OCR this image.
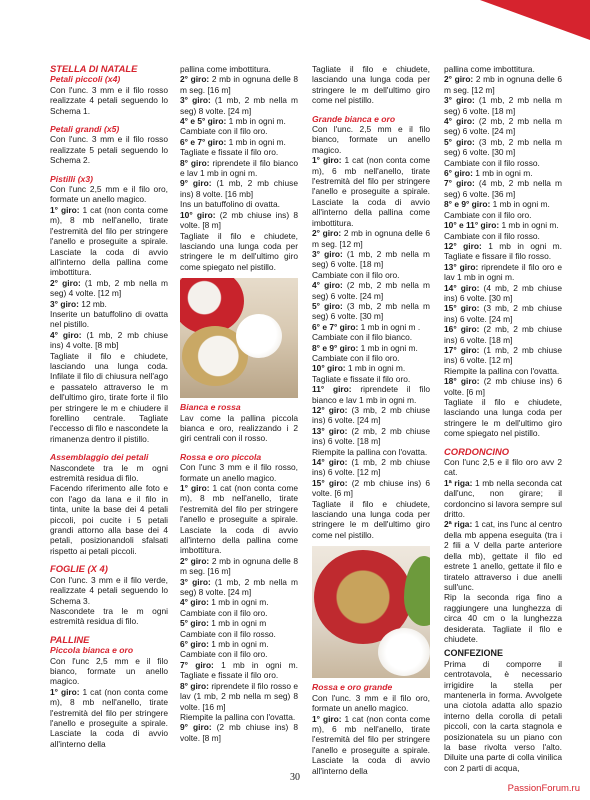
STELLA DI NATALE

Petali piccoli (x4)

Con l'unc. 3 mm e il filo rosso realizzate 4 petali seguendo lo Schema 1.

Petali grandi (x5)

Con l'unc. 3 mm e il filo rosso realizzate 5 petali seguendo lo Schema 2.

Pistilli (x3)

Con l'unc 2,5 mm e il filo oro, formate un anello magico.

1° giro: 1 cat (non conta come m), 8 mb nell'anello, tirate l'estremità del filo per stringere l'anello e proseguite a spirale. Lasciate la coda di avvio all'interno della pallina come imbottitura.

2° giro: (1 mb, 2 mb nella m seg) 4 volte. [12 m]

3° giro: 12 mb.

Inserite un batuffolino di ovatta nel pistillo.

4° giro: (1 mb, 2 mb chiuse ins) 4 volte. [8 mb]

Tagliate il filo e chiudete, lasciando una lunga coda. Infilate il filo di chiusura nell'ago e passatelo attraverso le m dell'ultimo giro, tirate forte il filo per stringere le m e chiudere il forellino centrale. Tagliate l'eccesso di filo e nascondete la rimanenza dentro il pistillo.

Assemblaggio dei petali

Nascondete tra le m ogni estremità residua di filo.

Facendo riferimento alle foto e con l'ago da lana e il filo in tinta, unite la base dei 4 petali piccoli, poi cucite i 5 petali grandi attorno alla base dei 4 petali, posizionandoli sfalsati rispetto ai petali piccoli.

FOGLIE (X 4)

Con l'unc. 3 mm e il filo verde, realizzate 4 petali seguendo lo Schema 3.

Nascondete tra le m ogni estremità residua di filo.

PALLINE

Piccola bianca e oro

Con l'unc 2,5 mm e il filo bianco, formate un anello magico.

1° giro: 1 cat (non conta come m), 8 mb nell'anello, tirate l'estremità del filo per stringere l'anello e proseguite a spirale. Lasciate la coda di avvio all'interno della

pallina come imbottitura.

2° giro: 2 mb in ognuna delle 8 m seg. [16 m]

3° giro: (1 mb, 2 mb nella m seg) 8 volte. [24 m]

4° e 5° giro: 1 mb in ogni m.

Cambiate con il filo oro.

6° e 7° giro: 1 mb in ogni m.

Tagliate e fissate il filo oro.

8° giro: riprendete il filo bianco e lav 1 mb in ogni m.

9° giro: (1 mb, 2 mb chiuse ins) 8 volte. [16 mb]

Ins un batuffolino di ovatta.

10° giro: (2 mb chiuse ins) 8 volte. [8 m]

Tagliate il filo e chiudete, lasciando una lunga coda per stringere le m dell'ultimo giro come spiegato nel pistillo.

Bianca e rossa

Lav come la pallina piccola bianca e oro, realizzando i 2 giri centrali con il rosso.

Rossa e oro piccola

Con l'unc 3 mm e il filo rosso, formate un anello magico.

1° giro: 1 cat (non conta come m), 8 mb nell'anello, tirate l'estremità del filo per stringere l'anello e proseguite a spirale. Lasciate la coda di avvio all'interno della pallina come imbottitura.

2° giro: 2 mb in ognuna delle 8 m seg. [16 m]

3° giro: (1 mb, 2 mb nella m seg) 8 volte. [24 m]

4° giro: 1 mb in ogni m.

Cambiate con il filo oro.

5° giro: 1 mb in ogni m

Cambiate con il filo rosso.

6° giro: 1 mb in ogni m.

Cambiate con il filo oro.

7° giro: 1 mb in ogni m. Tagliate e fissate il filo oro.

8° giro: riprendete il filo rosso e lav (1 mb, 2 mb nella m seg) 8 volte. [16 m]

Riempite la pallina con l'ovatta.

9° giro: (2 mb chiuse ins) 8 volte. [8 m]

Tagliate il filo e chiudete, lasciando una lunga coda per stringere le m dell'ultimo giro come nel pistillo.

Grande bianca e oro

Con l'unc. 2,5 mm e il filo bianco, formate un anello magico.

1° giro: 1 cat (non conta come m), 6 mb nell'anello, tirate l'estremità del filo per stringere l'anello e proseguite a spirale. Lasciate la coda di avvio all'interno della pallina come imbottitura.

2° giro: 2 mb in ognuna delle 6 m seg. [12 m]

3° giro: (1 mb, 2 mb nella m seg) 6 volte. [18 m]

Cambiate con il filo oro.

4° giro: (2 mb, 2 mb nella m seg) 6 volte. [24 m]

5° giro: (3 mb, 2 mb nella m seg) 6 volte. [30 m]

6° e 7° giro: 1 mb in ogni m .

Cambiate con il filo bianco.

8° e 9° giro: 1 mb in ogni m.

Cambiate con il filo oro.

10° giro: 1 mb in ogni m.

Tagliate e fissate il filo oro.

11° giro: riprendete il filo bianco e lav 1 mb in ogni m.

12° giro: (3 mb, 2 mb chiuse ins) 6 volte. [24 m]

13° giro: (2 mb, 2 mb chiuse ins) 6 volte. [18 m]

Riempite la pallina con l'ovatta.

14° giro: (1 mb, 2 mb chiuse ins) 6 volte. [12 m]

15° giro: (2 mb chiuse ins) 6 volte. [6 m]

Tagliate il filo e chiudete, lasciando una lunga coda per stringere le m dell'ultimo giro come nel pistillo.

Rossa e oro grande

Con l'unc. 3 mm e il filo oro, formate un anello magico.

1° giro: 1 cat (non conta come m), 6 mb nell'anello, tirate l'estremità del filo per stringere l'anello e proseguite a spirale. Lasciate la coda di avvio all'interno della

pallina come imbottitura.

2° giro: 2 mb in ognuna delle 6 m seg. [12 m]

3° giro: (1 mb, 2 mb nella m seg) 6 volte. [18 m]

4° giro: (2 mb, 2 mb nella m seg) 6 volte. [24 m]

5° giro: (3 mb, 2 mb nella m seg) 6 volte. [30 m]

Cambiate con il filo rosso.

6° giro: 1 mb in ogni m.

7° giro: (4 mb, 2 mb nella m seg) 6 volte. [36 m]

8° e 9° giro: 1 mb in ogni m.

Cambiate con il filo oro.

10° e 11° giro: 1 mb in ogni m.

Cambiate con il filo rosso.

12° giro: 1 mb in ogni m. Tagliate e fissare il filo rosso.

13° giro: riprendete il filo oro e lav 1 mb in ogni m.

14° giro: (4 mb, 2 mb chiuse ins) 6 volte. [30 m]

15° giro: (3 mb, 2 mb chiuse ins) 6 volte. [24 m]

16° giro: (2 mb, 2 mb chiuse ins) 6 volte. [18 m]

17° giro: (1 mb, 2 mb chiuse ins) 6 volte. [12 m]

Riempite la pallina con l'ovatta.

18° giro: (2 mb chiuse ins) 6 volte. [6 m]

Tagliate il filo e chiudete, lasciando una lunga coda per stringere le m dell'ultimo giro come spiegato nel pistillo.

CORDONCINO

Con l'unc 2,5 e il filo oro avv 2 cat.

1ª riga: 1 mb nella seconda cat dall'unc, non girare; il cordoncino si lavora sempre sul dritto.

2ª riga: 1 cat, ins l'unc al centro della mb appena eseguita (tra i 2 fili a V della parte anteriore della mb), gettate il filo ed estrete 1 anello, gettate il filo e tiratelo attraverso i due anelli sull'unc.

Rip la seconda riga fino a raggiungere una lunghezza di circa 40 cm o la lunghezza desiderata. Tagliate il filo e chiudete.

CONFEZIONE

Prima di comporre il centrotavola, è necessario irrigidire la stella per mantenerla in forma. Avvolgete una ciotola adatta allo spazio interno della corolla di petali piccoli, con la carta stagnola e posizionatela su un piano con la base rivolta verso l'alto. Diluite una parte di colla vinilica con 2 parti di acqua,

30
PassionForum.ru
